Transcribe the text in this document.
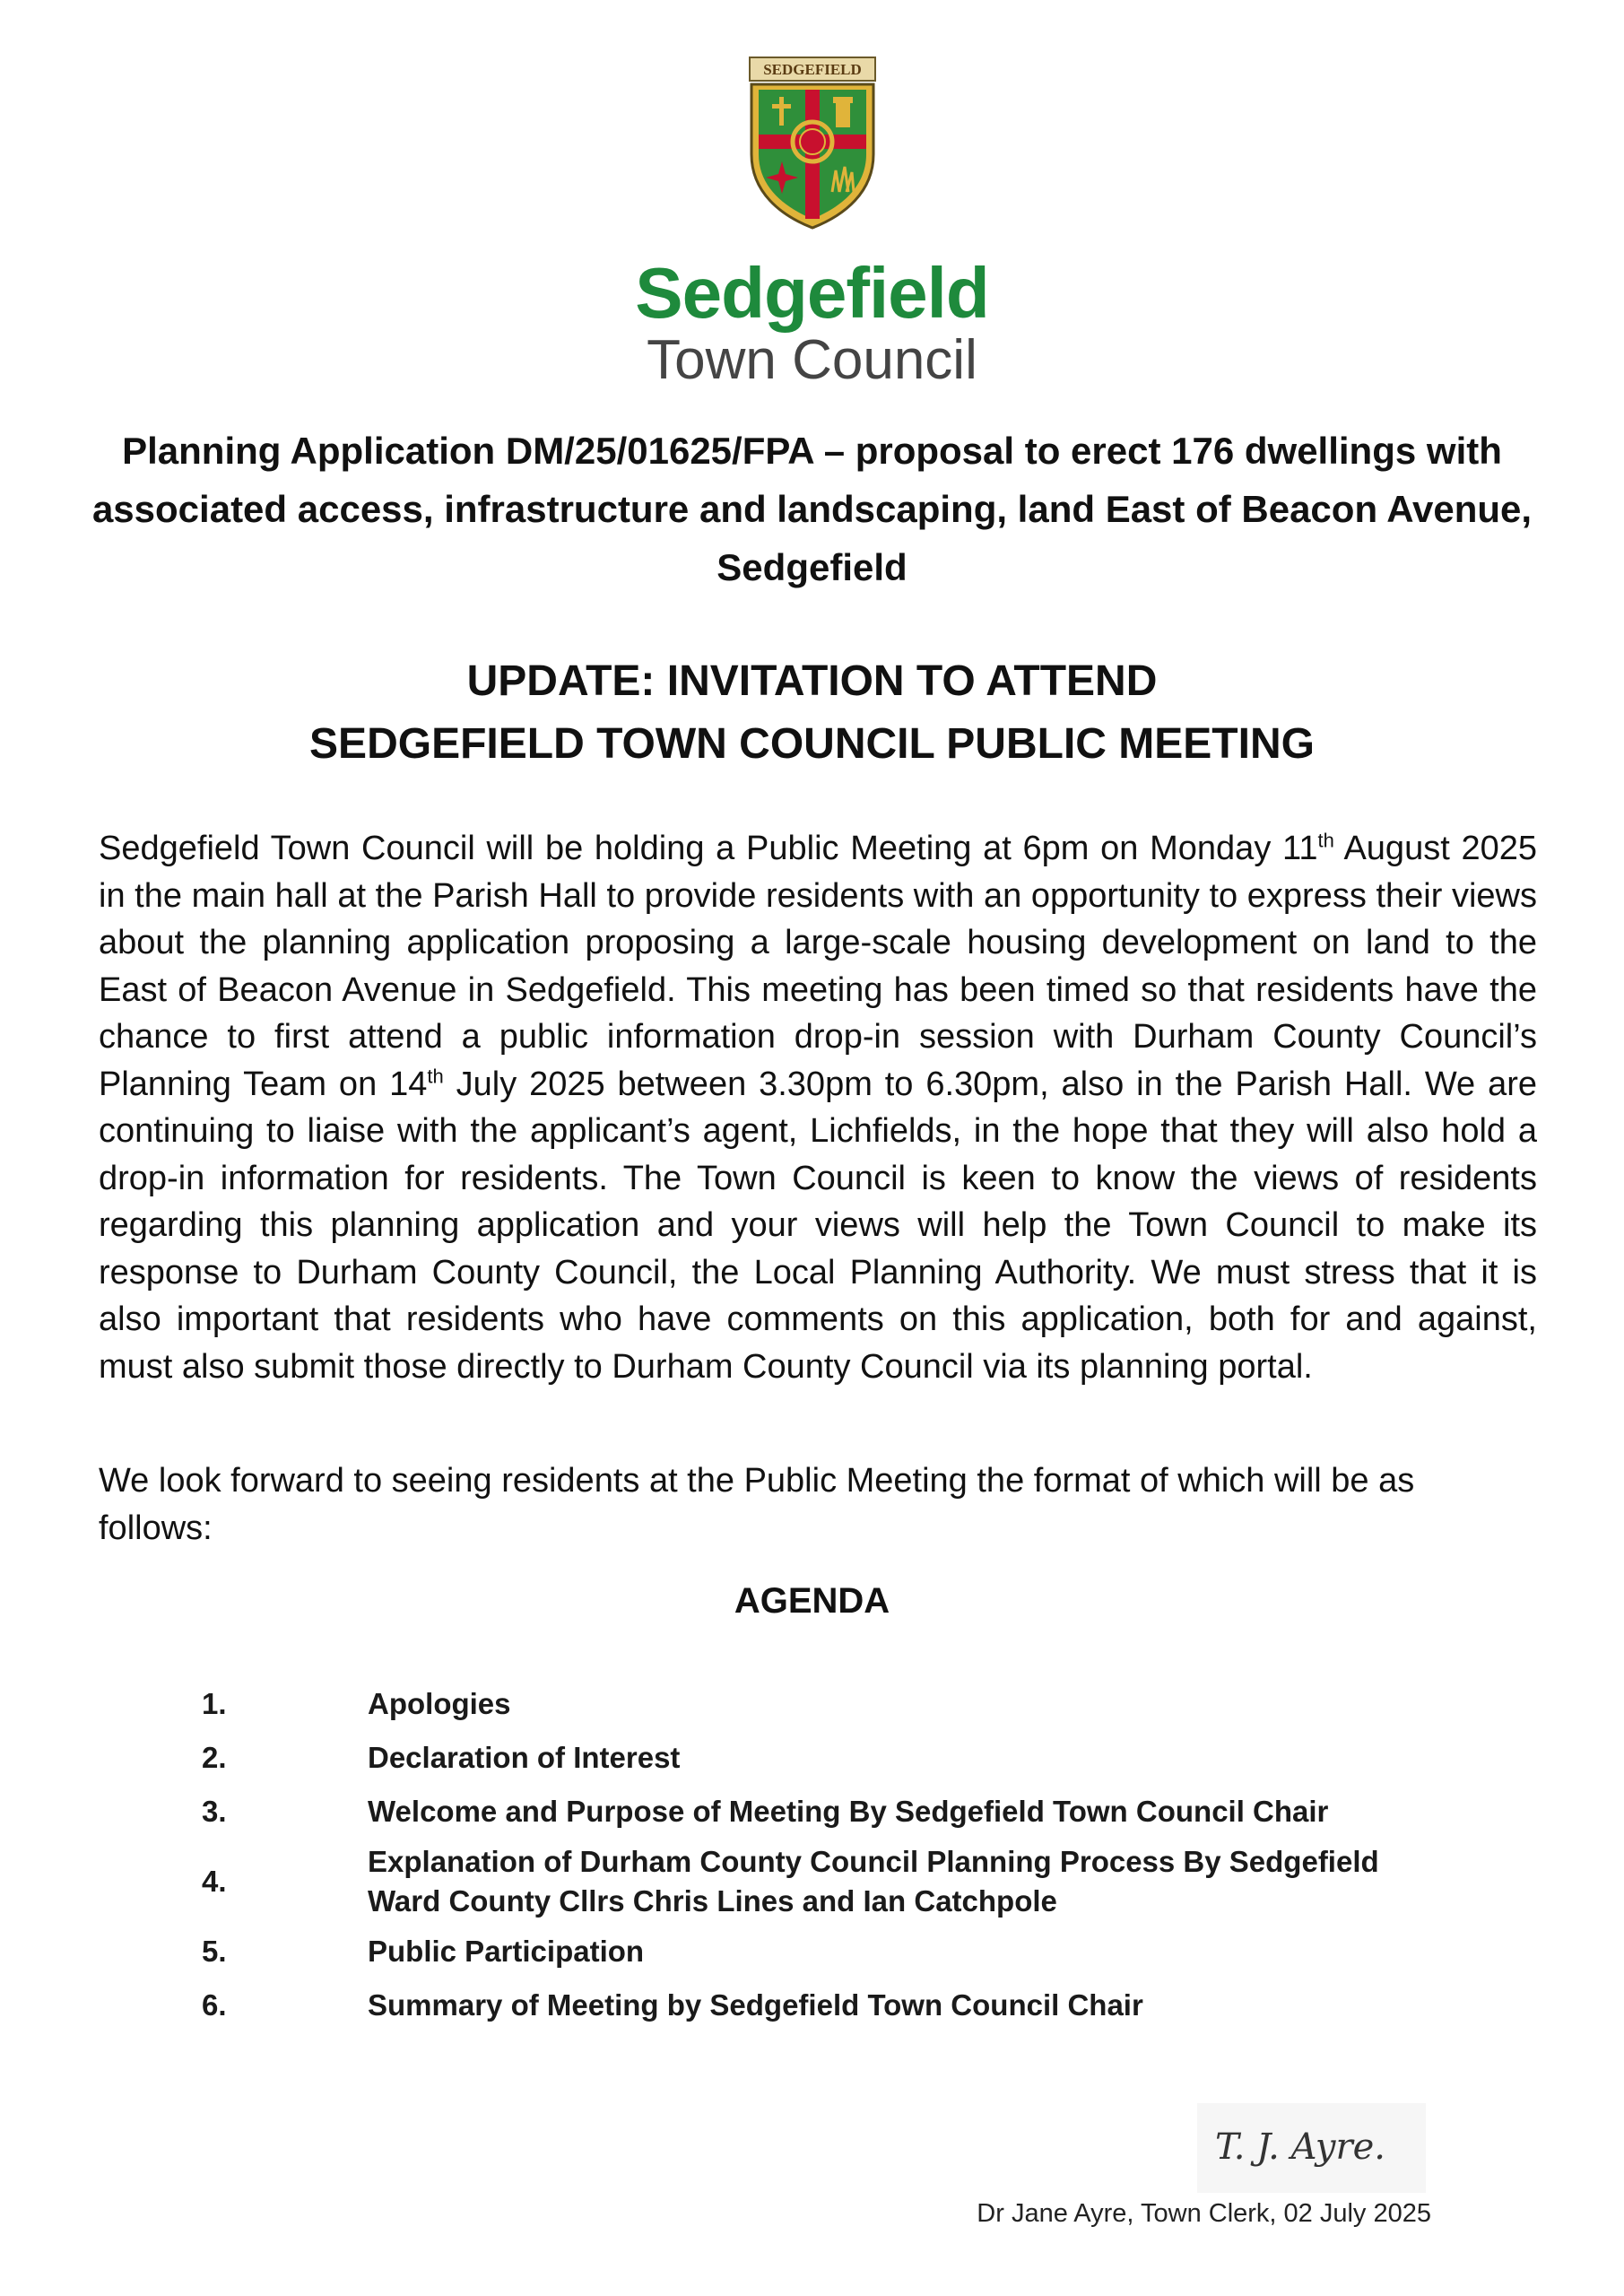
SEDGEFIELD
Sedgefield
Town Council
Planning Application DM/25/01625/FPA – proposal to erect 176 dwellings with associated access, infrastructure and landscaping, land East of Beacon Avenue, Sedgefield
UPDATE: INVITATION TO ATTEND
SEDGEFIELD TOWN COUNCIL PUBLIC MEETING

Sedgefield Town Council will be holding a Public Meeting at 6pm on Monday 11th August 2025 in the main hall at the Parish Hall to provide residents with an opportunity to express their views about the planning application proposing a large-scale housing development on land to the East of Beacon Avenue in Sedgefield. This meeting has been timed so that residents have the chance to first attend a public information drop-in session with Durham County Council’s Planning Team on 14th July 2025 between 3.30pm to 6.30pm, also in the Parish Hall. We are continuing to liaise with the applicant’s agent, Lichfields, in the hope that they will also hold a drop-in information for residents. The Town Council is keen to know the views of residents regarding this planning application and your views will help the Town Council to make its response to Durham County Council, the Local Planning Authority. We must stress that it is also important that residents who have comments on this application, both for and against, must also submit those directly to Durham County Council via its planning portal.

We look forward to seeing residents at the Public Meeting the format of which will be as follows:

AGENDA
1.	Apologies
2.	Declaration of Interest
3.	Welcome and Purpose of Meeting By Sedgefield Town Council Chair
4.
Explanation of Durham County Council Planning Process By Sedgefield Ward County Cllrs Chris Lines and Ian Catchpole
5.	Public Participation
6.	Summary of Meeting by Sedgefield Town Council Chair
T. J. Ayre.
Dr Jane Ayre, Town Clerk, 02 July 2025
